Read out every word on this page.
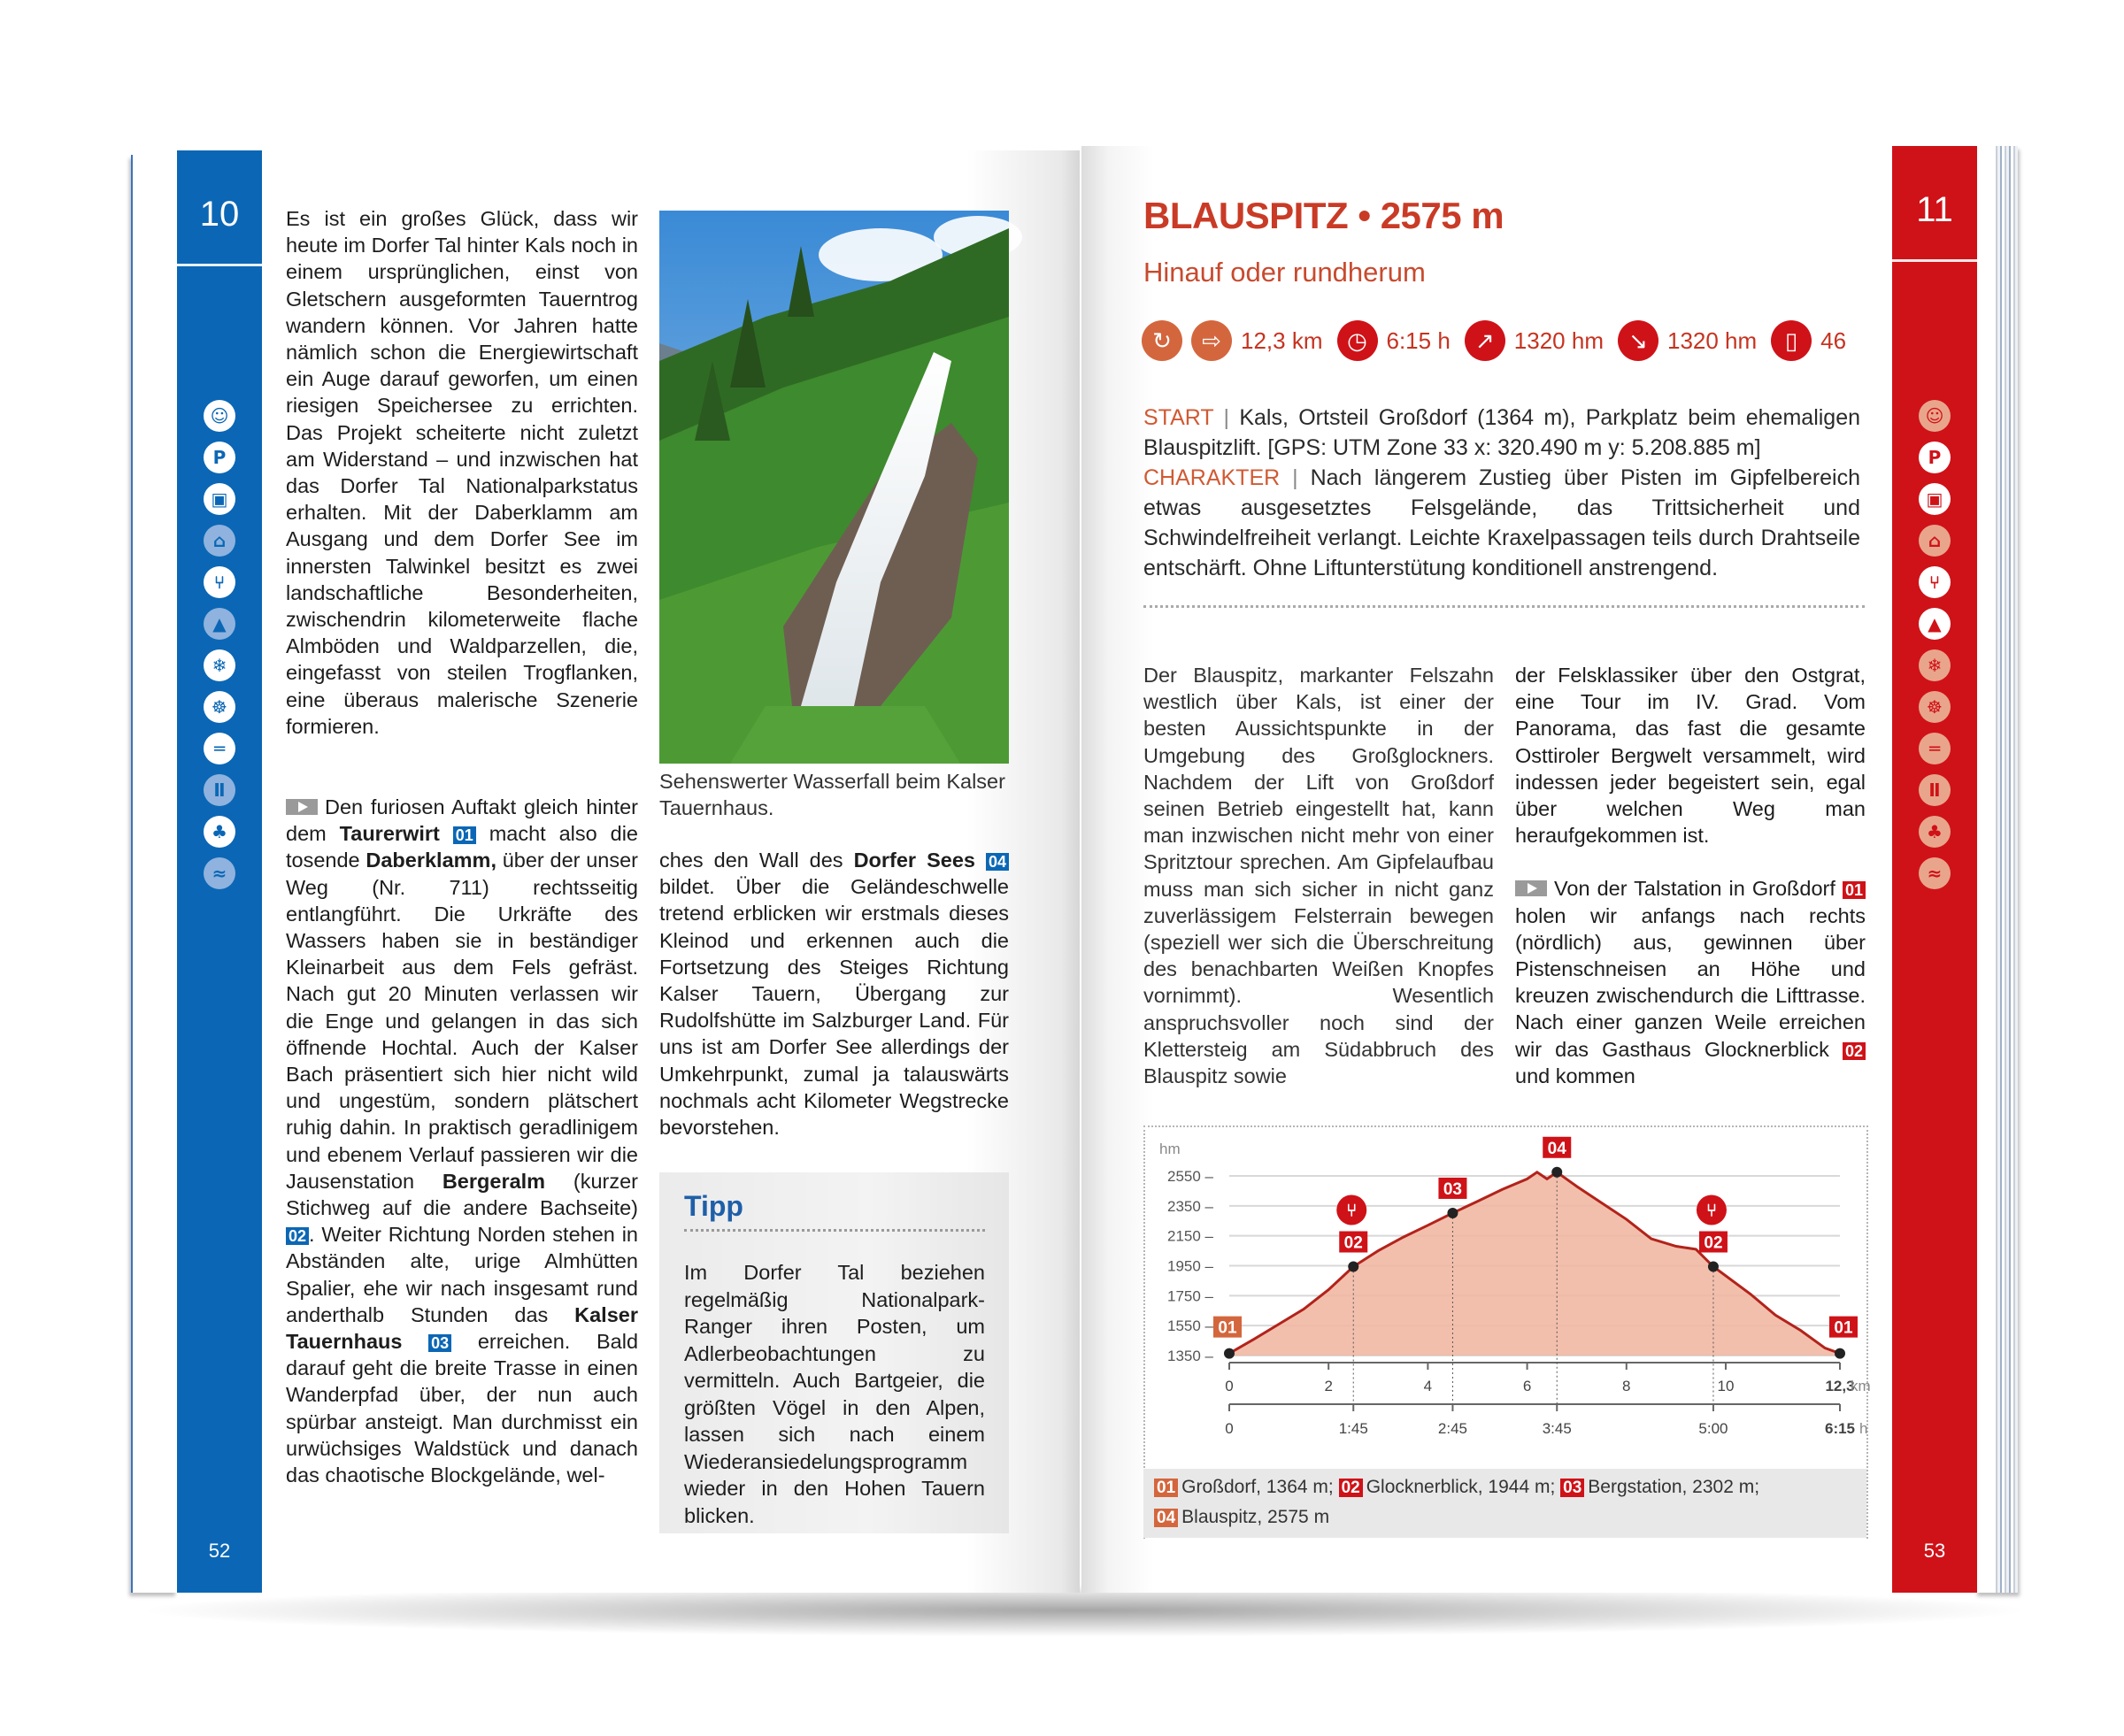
10
☺
P
▣
⌂
⑂
▲
❄
☸
═
Ⅱ
♣
≈
52

Es ist ein großes Glück, dass wir heute im Dorfer Tal hinter Kals noch in einem ursprünglichen, einst von Gletschern ausgeformten Tauerntrog wandern können. Vor Jahren hatte nämlich schon die Energiewirtschaft ein Auge darauf geworfen, um einen riesigen Speichersee zu errichten. Das Projekt scheiterte nicht zuletzt am Widerstand – und inzwischen hat das Dorfer Tal Nationalparkstatus erhalten. Mit der Daberklamm am Ausgang und dem Dorfer See im innersten Talwinkel besitzt es zwei landschaftliche Besonderheiten, zwischendrin kilometerweite flache Almböden und Waldparzellen, die, eingefasst von steilen Trogflanken, eine überaus malerische Szenerie formieren.

Den furiosen Auftakt gleich hinter dem Taurerwirt 01 macht also die tosende Daberklamm, über der unser Weg (Nr. 711) rechtsseitig entlangführt. Die Urkräfte des Wassers haben sie in beständiger Kleinarbeit aus dem Fels gefräst. Nach gut 20 Minuten verlassen wir die Enge und gelangen in das sich öffnende Hochtal. Auch der Kalser Bach präsentiert sich hier nicht wild und ungestüm, sondern plätschert ruhig dahin. In praktisch geradlinigem und ebenem Verlauf passieren wir die Jausenstation Bergeralm (kurzer Stichweg auf die andere Bachseite) 02 . Weiter Richtung Norden stehen in Abständen alte, urige Almhütten Spalier, ehe wir nach insgesamt rund anderthalb Stunden das Kalser Tauernhaus 03 erreichen. Bald darauf geht die breite Trasse in einen Wanderpfad über, der nun auch spürbar ansteigt. Man durchmisst ein urwüchsiges Waldstück und danach das chaotische Blockgelände, wel-

Sehenswerter Wasserfall beim Kalser Tauernhaus.

ches den Wall des Dorfer Sees 04 bildet. Über die Geländeschwelle tretend erblicken wir erstmals dieses Kleinod und erkennen auch die Fortsetzung des Steiges Richtung Kalser Tauern, Übergang zur Rudolfshütte im Salzburger Land. Für uns ist am Dorfer See allerdings der Umkehrpunkt, zumal ja talauswärts nochmals acht Kilometer Wegstrecke bevorstehen.

Tipp
Im Dorfer Tal beziehen regelmäßig Nationalpark-Ranger ihren Posten, um Adlerbeobachtungen zu vermitteln. Auch Bartgeier, die größten Vögel in den Alpen, lassen sich nach einem Wiederansiedelungsprogramm wieder in den Hohen Tauern blicken.
11
☺
P
▣
⌂
⑂
▲
❄
☸
═
Ⅱ
♣
≈
53
BLAUSPITZ • 2575 m
Hinauf oder rundherum
↻	⇨ 12,3 km	◷ 6:15 h	↗ 1320 hm	↘ 1320 hm	▯ 46
START | Kals, Ortsteil Großdorf (1364 m), Parkplatz beim ehemaligen Blauspitzlift. [GPS: UTM Zone 33 x: 320.490 m y: 5.208.885 m]
CHARAKTER | Nach längerem Zustieg über Pisten im Gipfelbereich etwas ausgesetztes Felsgelände, das Trittsicherheit und Schwindelfreiheit verlangt. Leichte Kraxelpassagen teils durch Drahtseile entschärft. Ohne Liftunterstütung konditionell anstrengend.

Der Blauspitz, markanter Felszahn westlich über Kals, ist einer der besten Aussichtspunkte in der Umgebung des Großglockners. Nachdem der Lift von Großdorf seinen Betrieb eingestellt hat, kann man inzwischen nicht mehr von einer Spritztour sprechen. Am Gipfelaufbau muss man sich sicher in nicht ganz zuverlässigem Felsterrain bewegen (speziell wer sich die Überschreitung des benachbarten Weißen Knopfes vornimmt). Wesentlich anspruchsvoller noch sind der Klettersteig am Südabbruch des Blauspitz sowie

der Felsklassiker über den Ostgrat, eine Tour im IV. Grad. Vom Panorama, das fast die gesamte Osttiroler Bergwelt versammelt, wird indessen jeder begeistert sein, egal über welchen Weg man heraufgekommen ist.

Von der Talstation in Großdorf 01 holen wir anfangs nach rechts (nördlich) aus, gewinnen über Pistenschneisen an Höhe und kreuzen zwischendurch die Lifttrasse. Nach einer ganzen Weile erreichen wir das Gasthaus Glocknerblick 02 und kommen

hm
1350 –
1550 –
1750 –
1950 –
2150 –
2350 –
2550 –
0	2	4	6	8	10	12,3
km
0	1:45	2:45	3:45	5:00	6:15 h
01
02
⑂
03
04
02
⑂
01
01 Großdorf, 1364 m; 02 Glocknerblick, 1944 m; 03 Bergstation, 2302 m;
04 Blauspitz, 2575 m
